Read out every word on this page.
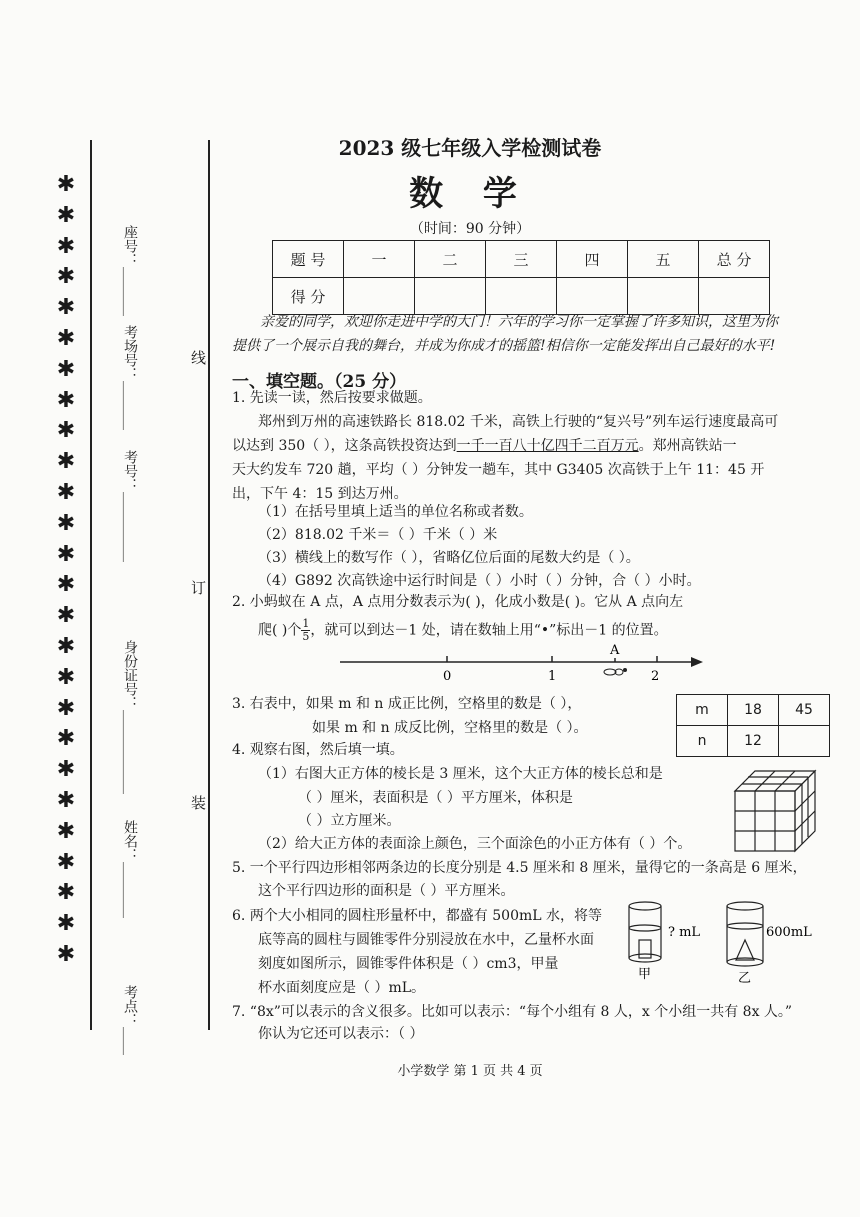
✱
✱
✱
✱
✱
✱
✱
✱
✱
✱
✱
✱
✱
✱
✱
✱
✱
✱
✱
✱
✱
✱
✱
✱
✱
✱
座号：_______
考场号：_______
考号：__________
身份证号：____________
姓名：________
考点：____
线
订
装
2023 级七年级入学检测试卷
数 学
（时间：90 分钟）
题 号	一	二	三	四	五	总 分
得 分						
亲爱的同学，欢迎你走进中学的大门！六年的学习你一定掌握了许多知识，这里为你
提供了一个展示自我的舞台，并成为你成才的摇篮!相信你一定能发挥出自己最好的水平!
一、填空题。（25 分）
1. 先读一读，然后按要求做题。
郑州到万州的高速铁路长 818.02 千米，高铁上行驶的“复兴号”列车运行速度最高可
以达到 350（ ），这条高铁投资达到一千一百八十亿四千二百万元。郑州高铁站一
天大约发车 720 趟，平均（ ）分钟发一趟车，其中 G3405 次高铁于上午 11：45 开
出，下午 4：15 到达万州。
（1）在括号里填上适当的单位名称或者数。
（2）818.02 千米＝（ ）千米（ ）米
（3）横线上的数写作（ ），省略亿位后面的尾数大约是（ ）。
（4）G892 次高铁途中运行时间是（ ）小时（ ）分钟，合（ ）小时。
2. 小蚂蚁在 A 点，A 点用分数表示为( )，化成小数是( )。它从 A 点向左
爬( )个 $\frac{1}{5}$ ，就可以到达－1 处，请在数轴上用“•”标出－1 的位置。
0	1	2
A
3. 右表中，如果 m 和 n 成正比例，空格里的数是（ ），
如果 m 和 n 成反比例，空格里的数是（ ）。
m	18	45
n	12	
4. 观察右图，然后填一填。
（1）右图大正方体的棱长是 3 厘米，这个大正方体的棱长总和是
（ ）厘米，表面积是（ ）平方厘米，体积是
（ ）立方厘米。
（2）给大正方体的表面涂上颜色，三个面涂色的小正方体有（ ）个。
5. 一个平行四边形相邻两条边的长度分别是 4.5 厘米和 8 厘米，量得它的一条高是 6 厘米，
这个平行四边形的面积是（ ）平方厘米。
6. 两个大小相同的圆柱形量杯中，都盛有 500mL 水，将等
底等高的圆柱与圆锥零件分别浸放在水中，乙量杯水面
刻度如图所示，圆锥零件体积是（ ）cm3，甲量
杯水面刻度应是（ ）mL。
? mL
甲
600mL
乙
7. “8x”可以表示的含义很多。比如可以表示：“每个小组有 8 人，x 个小组一共有 8x 人。”
你认为它还可以表示：（ ）
小学数学 第 1 页 共 4 页
